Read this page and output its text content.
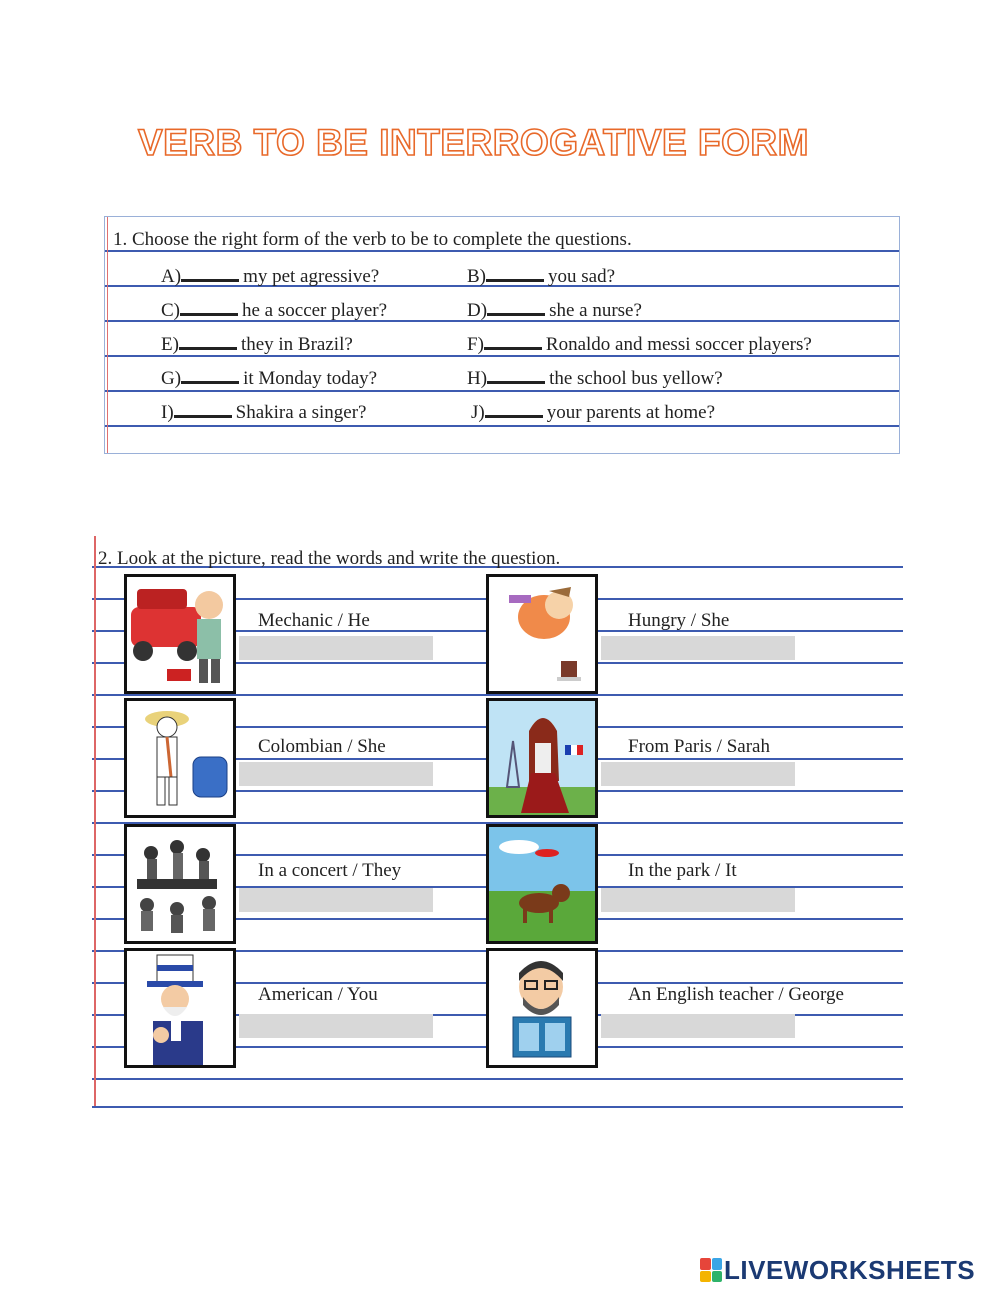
VERB TO BE INTERROGATIVE FORM
1. Choose the right form of the verb to be to complete the questions.
A)	my pet agressive?	B)	you sad?
C)	he a soccer player?	D)	she a nurse?
E)	they in Brazil?	F)	Ronaldo and messi soccer players?
G)	it Monday today?	H)	the school bus yellow?
I)	Shakira a singer?	J)	your parents at home?
2. Look at the picture, read the words and write the question.
Mechanic / He	Hungry / She
Colombian / She	From Paris / Sarah
In a concert / They	In the park / It
American / You	An English teacher / George
LIVEWORKSHEETS
